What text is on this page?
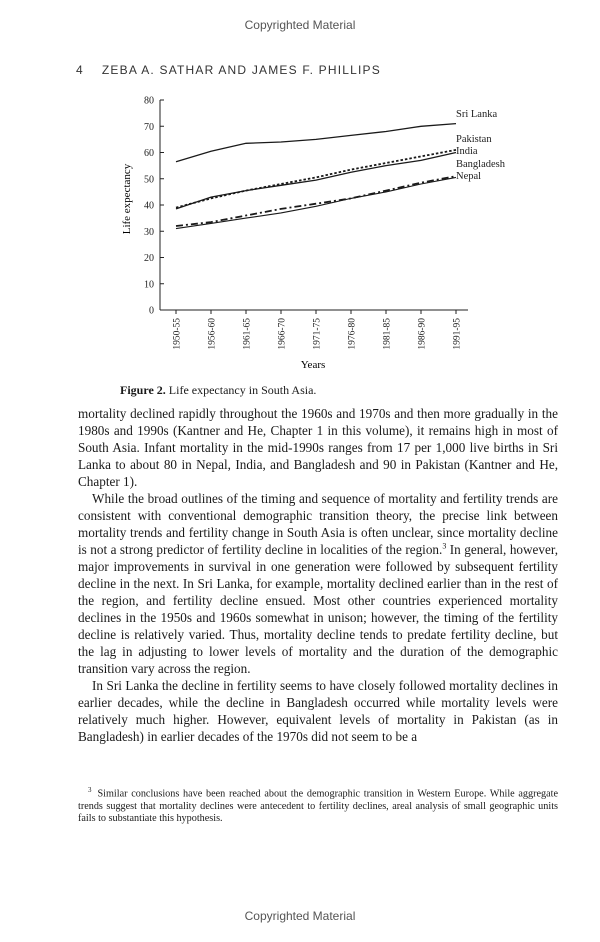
Copyrighted Material
4 ZEBA A. SATHAR AND JAMES F. PHILLIPS
0
10
20
30
40
50
60
70
80
1950-55	1956-60	1961-65	1966-70	1971-75	1976-80	1981-85	1986-90	1991-95
Sri Lanka
Pakistan
India
Bangladesh
Nepal
Life expectancy
Years
Figure 2. Life expectancy in South Asia.

mortality declined rapidly throughout the 1960s and 1970s and then more gradually in the 1980s and 1990s (Kantner and He, Chapter 1 in this volume), it remains high in most of South Asia. Infant mortality in the mid-1990s ranges from 17 per 1,000 live births in Sri Lanka to about 80 in Nepal, India, and Bangladesh and 90 in Pakistan (Kantner and He, Chapter 1).

While the broad outlines of the timing and sequence of mortality and fertility trends are consistent with conventional demographic transition theory, the precise link between mortality trends and fertility change in South Asia is often unclear, since mortality decline is not a strong predictor of fertility decline in localities of the region.$^3$ In general, however, major improvements in survival in one generation were followed by subsequent fertility decline in the next. In Sri Lanka, for example, mortality declined earlier than in the rest of the region, and fertility decline ensued. Most other countries experienced mortality declines in the 1950s and 1960s somewhat in unison; however, the timing of the fertility decline is relatively varied. Thus, mortality decline tends to predate fertility decline, but the lag in adjusting to lower levels of mortality and the duration of the demographic transition vary across the region.

In Sri Lanka the decline in fertility seems to have closely followed mortality declines in earlier decades, while the decline in Bangladesh occurred while mortality levels were relatively much higher. However, equivalent levels of mortality in Pakistan (as in Bangladesh) in earlier decades of the 1970s did not seem to be a

$^3$ Similar conclusions have been reached about the demographic transition in Western Europe. While aggregate trends suggest that mortality declines were antecedent to fertility declines, areal analysis of small geographic units fails to substantiate this hypothesis.
Copyrighted Material
